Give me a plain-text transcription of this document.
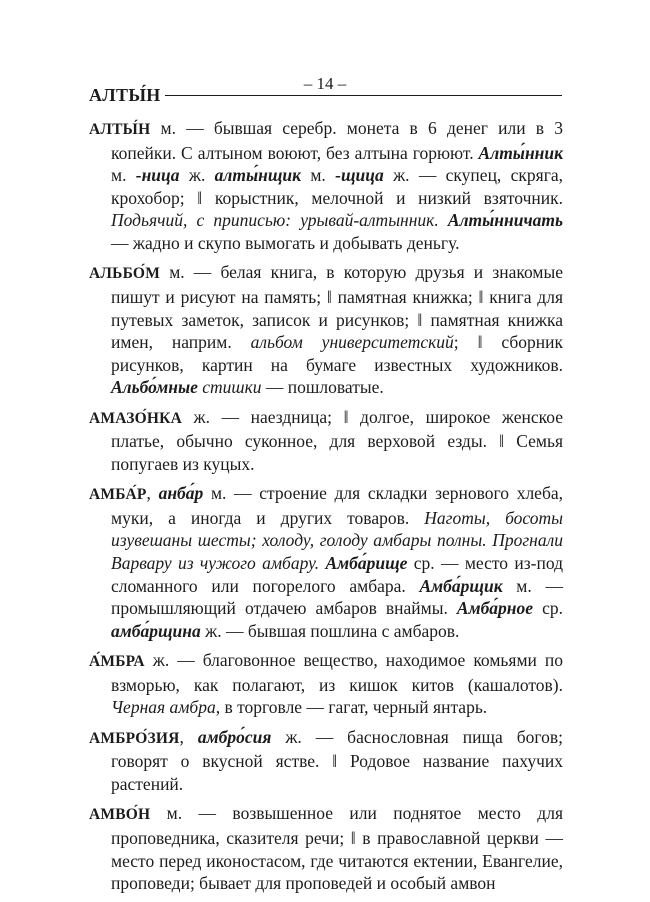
– 14 –
АЛТЫ́Н

АЛТЫ́Н м. — бывшая серебр. монета в 6 денег или в 3 копейки. С алтыном воюют, без алтына горюют. Алты́нник м. -ница ж. алты́нщик м. -щица ж. — скупец, скряга, крохобор; ‖ корыстник, мелочной и низкий взяточник. Подьячий, с приписью: урывай-алтынник. Алты́нничать — жадно и скупо вымогать и добывать деньгу.

АЛЬБО́М м. — белая книга, в которую друзья и знакомые пишут и рисуют на память; ‖ памятная книжка; ‖ книга для путевых заметок, записок и рисунков; ‖ памятная книжка имен, наприм. альбом университетский; ‖ сборник рисунков, картин на бумаге известных художников. Альбо́мные стишки — пошловатые.

АМАЗО́НКА ж. — наездница; ‖ долгое, широкое женское платье, обычно суконное, для верховой езды. ‖ Семья попугаев из куцых.

АМБА́Р, анба́р м. — строение для складки зернового хлеба, муки, а иногда и других товаров. Наготы, босоты изувешаны шесты; холоду, голоду амбары полны. Прогнали Варвару из чужого амбару. Амба́рище ср. — место из-под сломанного или погорелого амбара. Амба́рщик м. — промышляющий отдачею амбаров внаймы. Амба́рное ср. амба́рщина ж. — бывшая пошлина с амбаров.

А́МБРА ж. — благовонное вещество, находимое комьями по взморью, как полагают, из кишок китов (кашалотов). Черная амбра, в торговле — гагат, черный янтарь.

АМБРО́ЗИЯ, амбро́сия ж. — баснословная пища богов; говорят о вкусной ястве. ‖ Родовое название пахучих растений.

АМВО́Н м. — возвышенное или поднятое место для проповедника, сказителя речи; ‖ в православной церкви — место перед иконостасом, где читаются ектении, Евангелие, проповеди; бывает для проповедей и особый амвон
